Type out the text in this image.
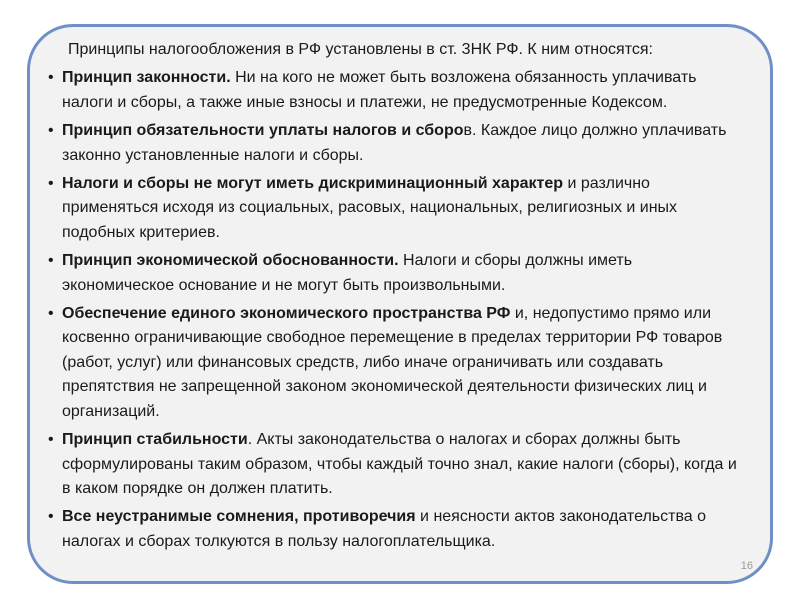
Принципы налогообложения в РФ установлены в ст. 3НК РФ. К ним относятся:

• Принцип законности. Ни на кого не может быть возложена обязанность уплачивать налоги и сборы, а также иные взносы и платежи, не предусмотренные Кодексом.
• Принцип обязательности уплаты налогов и сборов. Каждое лицо должно уплачивать законно установленные налоги и сборы.
• Налоги и сборы не могут иметь дискриминационный характер и различно применяться исходя из социальных, расовых, национальных, религиозных и иных подобных критериев.
• Принцип экономической обоснованности. Налоги и сборы должны иметь экономическое основание и не могут быть произвольными.
• Обеспечение единого экономического пространства РФ и, недопустимо прямо или косвенно ограничивающие свободное перемещение в пределах территории РФ товаров (работ, услуг) или финансовых средств, либо иначе ограничивать или создавать препятствия не запрещенной законом экономической деятельности физических лиц и организаций.
• Принцип стабильности. Акты законодательства о налогах и сборах должны быть сформулированы таким образом, чтобы каждый точно знал, какие налоги (сборы), когда и в каком порядке он должен платить.
• Все неустранимые сомнения, противоречия и неясности актов законодательства о налогах и сборах толкуются в пользу налогоплательщика.
16
